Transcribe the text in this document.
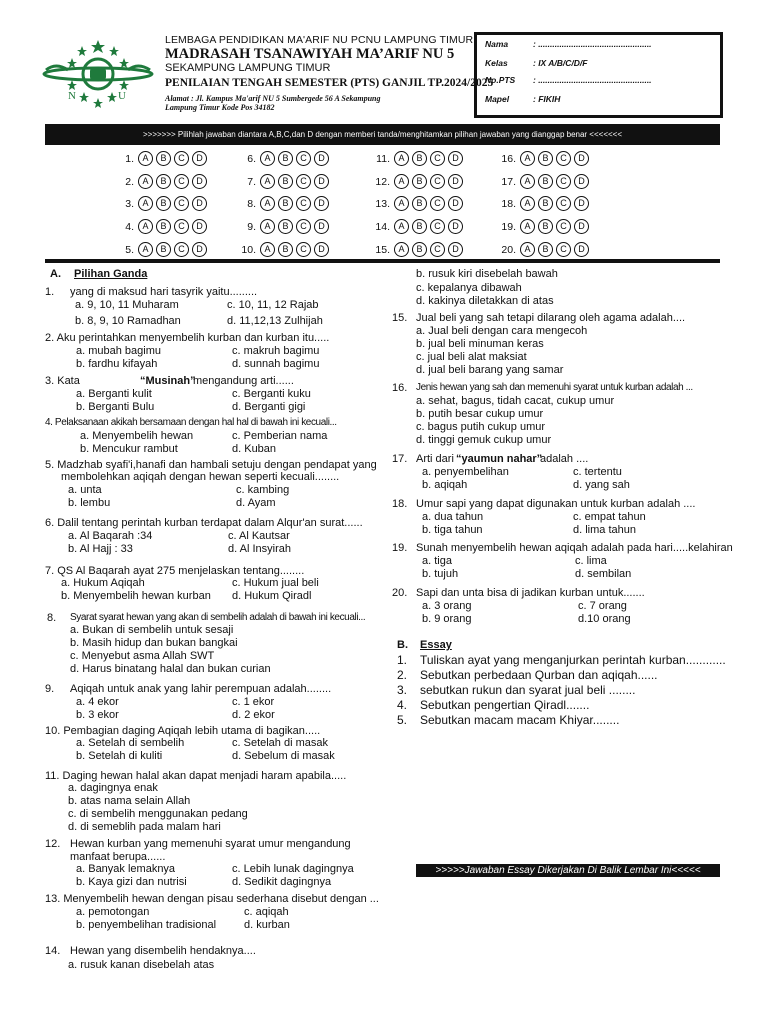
N	U
LEMBAGA PENDIDIKAN MA'ARIF NU PCNU LAMPUNG TIMUR
MADRASAH TSANAWIYAH MA’ARIF NU 5
SEKAMPUNG LAMPUNG TIMUR
PENILAIAN TENGAH SEMESTER (PTS) GANJIL TP.2024/2025
Alamat : Jl. Kampus Ma'arif NU 5 Sumbergede 56 A Sekampung
Lampung Timur Kode Pos 34182
Nama	: ................................................
Kelas	: IX A/B/C/D/F
No.PTS : ................................................
Mapel	: FIKIH
>>>>>>> Pilihlah jawaban diantara A,B,C,dan D dengan memberi tanda/menghitamkan pilihan jawaban yang dianggap benar <<<<<<<
1. A	B	C	D
2. A	B	C	D
3. A	B	C	D
4. A	B	C	D
5. A	B	C	D
6. A	B	C	D
7. A	B	C	D
8. A	B	C	D
9. A	B	C	D
10. A	B	C	D
11. A	B	C	D
12. A	B	C	D
13. A	B	C	D
14. A	B	C	D
15. A	B	C	D
16. A	B	C	D
17. A	B	C	D
18. A	B	C	D
19. A	B	C	D
20. A	B	C	D
A. Pilihan Ganda
1. yang di maksud hari tasyrik yaitu.........
a. 9, 10, 11 Muharam	c. 10, 11, 12 Rajab
b. 8, 9, 10 Ramadhan	d. 11,12,13 Zulhijah
2. Aku perintahkan menyembelih kurban dan kurban itu.....
a. mubah bagimu	c. makruh bagimu
b. fardhu kifayah	d. sunnah bagimu
3. Kata	“Musinah”
mengandung arti......
a. Berganti kulit	c. Berganti kuku
b. Berganti Bulu	d. Berganti gigi
4. Pelaksanaan akikah bersamaan dengan hal hal di bawah ini kecuali...
a. Menyembelih hewan	c. Pemberian nama
b. Mencukur rambut	d. Kuban
5. Madzhab syafi'i,hanafi dan hambali setuju dengan pendapat yang
membolehkan aqiqah dengan hewan seperti kecuali........
a. unta	c. kambing
b. lembu	d. Ayam
6. Dalil tentang perintah kurban terdapat dalam Alqur'an surat......
a. Al Baqarah :34	c. Al Kautsar
b. Al Hajj : 33	d. Al Insyirah
7. QS Al Baqarah ayat 275 menjelaskan tentang........
a. Hukum Aqiqah	c. Hukum jual beli
b. Menyembelih hewan kurban d. Hukum Qiradl
8. Syarat syarat hewan yang akan di sembelih adalah di bawah ini kecuali...
a. Bukan di sembelih untuk sesaji
b. Masih hidup dan bukan bangkai
c. Menyebut asma Allah SWT
d. Harus binatang halal dan bukan curian
9. Aqiqah untuk anak yang lahir perempuan adalah........
a. 4 ekor	c. 1 ekor
b. 3 ekor	d. 2 ekor
10. Pembagian daging Aqiqah lebih utama di bagikan.....
a. Setelah di sembelih	c. Setelah di masak
b. Setelah di kuliti	d. Sebelum di masak
11. Daging hewan halal akan dapat menjadi haram apabila.....
a. dagingnya enak
b. atas nama selain Allah
c. di sembelih menggunakan pedang
d. di semeblih pada malam hari
12. Hewan kurban yang memenuhi syarat umur mengandung
manfaat berupa......
a. Banyak lemaknya	c. Lebih lunak dagingnya
b. Kaya gizi dan nutrisi	d. Sedikit dagingnya
13. Menyembelih hewan dengan pisau sederhana disebut dengan ...
a. pemotongan	c. aqiqah
b. penyembelihan tradisional	d. kurban
14. Hewan yang disembelih hendaknya....
a. rusuk kanan disebelah atas
b. rusuk kiri disebelah bawah
c. kepalanya dibawah
d. kakinya diletakkan di atas
15. Jual beli yang sah tetapi dilarang oleh agama adalah....
a. Jual beli dengan cara mengecoh
b. jual beli minuman keras
c. jual beli alat maksiat
d. jual beli barang yang samar
16. Jenis hewan yang sah dan memenuhi syarat untuk kurban adalah ...
a. sehat, bagus, tidah cacat, cukup umur
b. putih besar cukup umur
c. bagus putih cukup umur
d. tinggi gemuk cukup umur
17. Arti dari “yaumun nahar”
adalah ....
a. penyembelihan	c. tertentu
b. aqiqah	d. yang sah
18. Umur sapi yang dapat digunakan untuk kurban adalah ....
a. dua tahun	c. empat tahun
b. tiga tahun	d. lima tahun
19. Sunah menyembelih hewan aqiqah adalah pada hari.....kelahiran
a. tiga	c. lima
b. tujuh	d. sembilan
20. Sapi dan unta bisa di jadikan kurban untuk.......
a. 3 orang	c. 7 orang
b. 9 orang	d.10 orang
B. Essay
1. Tuliskan ayat yang menganjurkan perintah kurban............
2. Sebutkan perbedaan Qurban dan aqiqah......
3. sebutkan rukun dan syarat jual beli ........
4. Sebutkan pengertian Qiradl.......
5. Sebutkan macam macam Khiyar........
>>>>>Jawaban Essay Dikerjakan Di Balik Lembar Ini<<<<<
